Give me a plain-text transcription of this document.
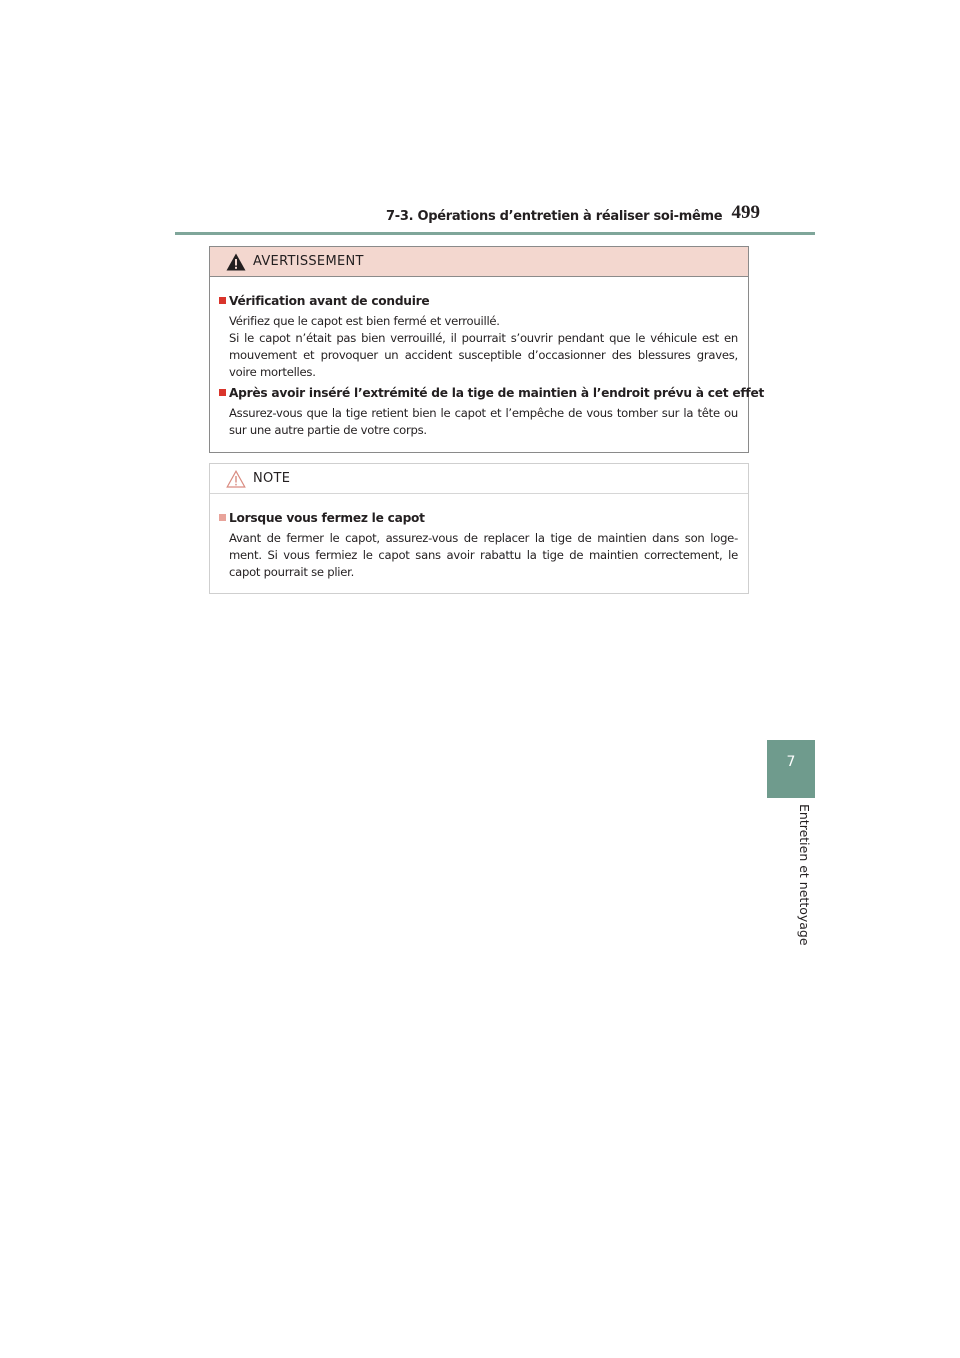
7-3. Opérations d’entretien à réaliser soi-même 499
7
Entretien et nettoyage
AVERTISSEMENT
Vérification avant de conduire
Vérifiez que le capot est bien fermé et verrouillé.
Si le capot n’était pas bien verrouillé, il pourrait s’ouvrir pendant que le véhicule est en mouvement et provoquer un accident susceptible d’occasionner des blessures graves, voire mortelles.
Après avoir inséré l’extrémité de la tige de maintien à l’endroit prévu à cet effet
Assurez-vous que la tige retient bien le capot et l’empêche de vous tomber sur la tête ou sur une autre partie de votre corps.
NOTE
Lorsque vous fermez le capot
Avant de fermer le capot, assurez-vous de replacer la tige de maintien dans son loge-ment. Si vous fermiez le capot sans avoir rabattu la tige de maintien correctement, le capot pourrait se plier.
